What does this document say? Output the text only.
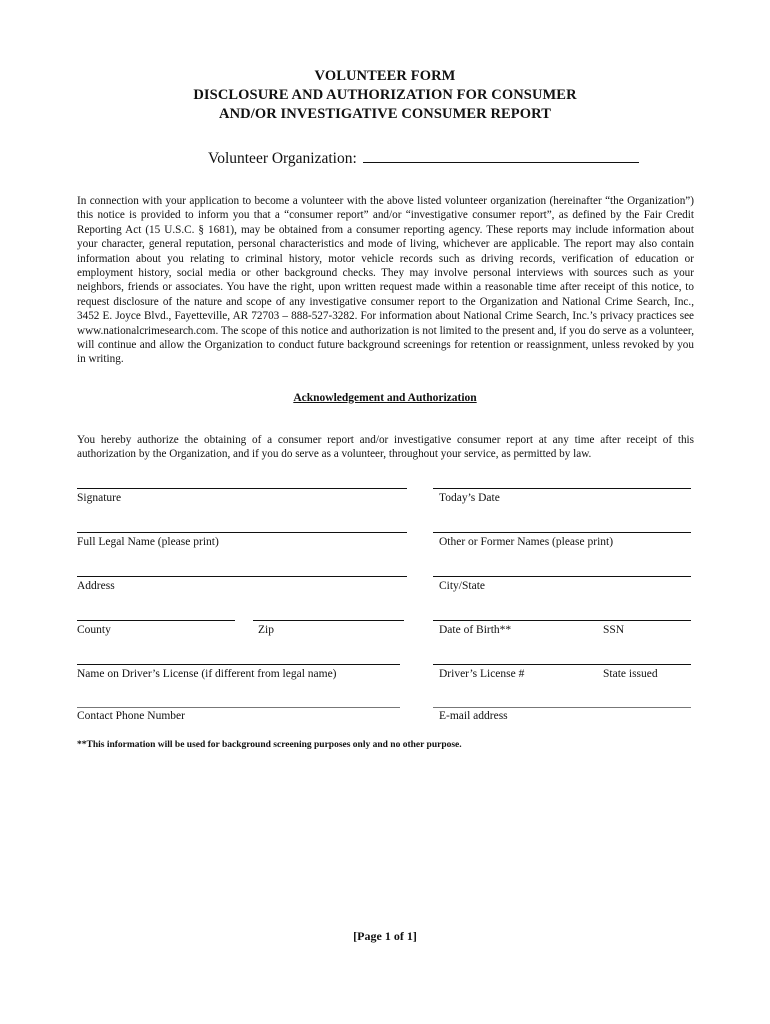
VOLUNTEER FORM
DISCLOSURE AND AUTHORIZATION FOR CONSUMER
AND/OR INVESTIGATIVE CONSUMER REPORT
Volunteer Organization:

In connection with your application to become a volunteer with the above listed volunteer organization (hereinafter “the Organization”) this notice is provided to inform you that a “consumer report” and/or “investigative consumer report”, as defined by the Fair Credit Reporting Act (15 U.S.C. § 1681), may be obtained from a consumer reporting agency. These reports may include information about your character, general reputation, personal characteristics and mode of living, whichever are applicable. The report may also contain information about you relating to criminal history, motor vehicle records such as driving records, verification of education or employment history, social media or other background checks. They may involve personal interviews with sources such as your neighbors, friends or associates. You have the right, upon written request made within a reasonable time after receipt of this notice, to request disclosure of the nature and scope of any investigative consumer report to the Organization and National Crime Search, Inc., 3452 E. Joyce Blvd., Fayetteville, AR 72703 – 888-527-3282. For information about National Crime Search, Inc.’s privacy practices see www.nationalcrimesearch.com. The scope of this notice and authorization is not limited to the present and, if you do serve as a volunteer, will continue and allow the Organization to conduct future background screenings for retention or reassignment, unless revoked by you in writing.

Acknowledgement and Authorization

You hereby authorize the obtaining of a consumer report and/or investigative consumer report at any time after receipt of this authorization by the Organization, and if you do serve as a volunteer, throughout your service, as permitted by law.

Signature	Today’s Date
Full Legal Name (please print)	Other or Former Names (please print)
Address	City/State
County	Zip	Date of Birth**	SSN
Name on Driver’s License (if different from legal name)	Driver’s License #	State issued
Contact Phone Number	E-mail address
**This information will be used for background screening purposes only and no other purpose.
[Page 1 of 1]
